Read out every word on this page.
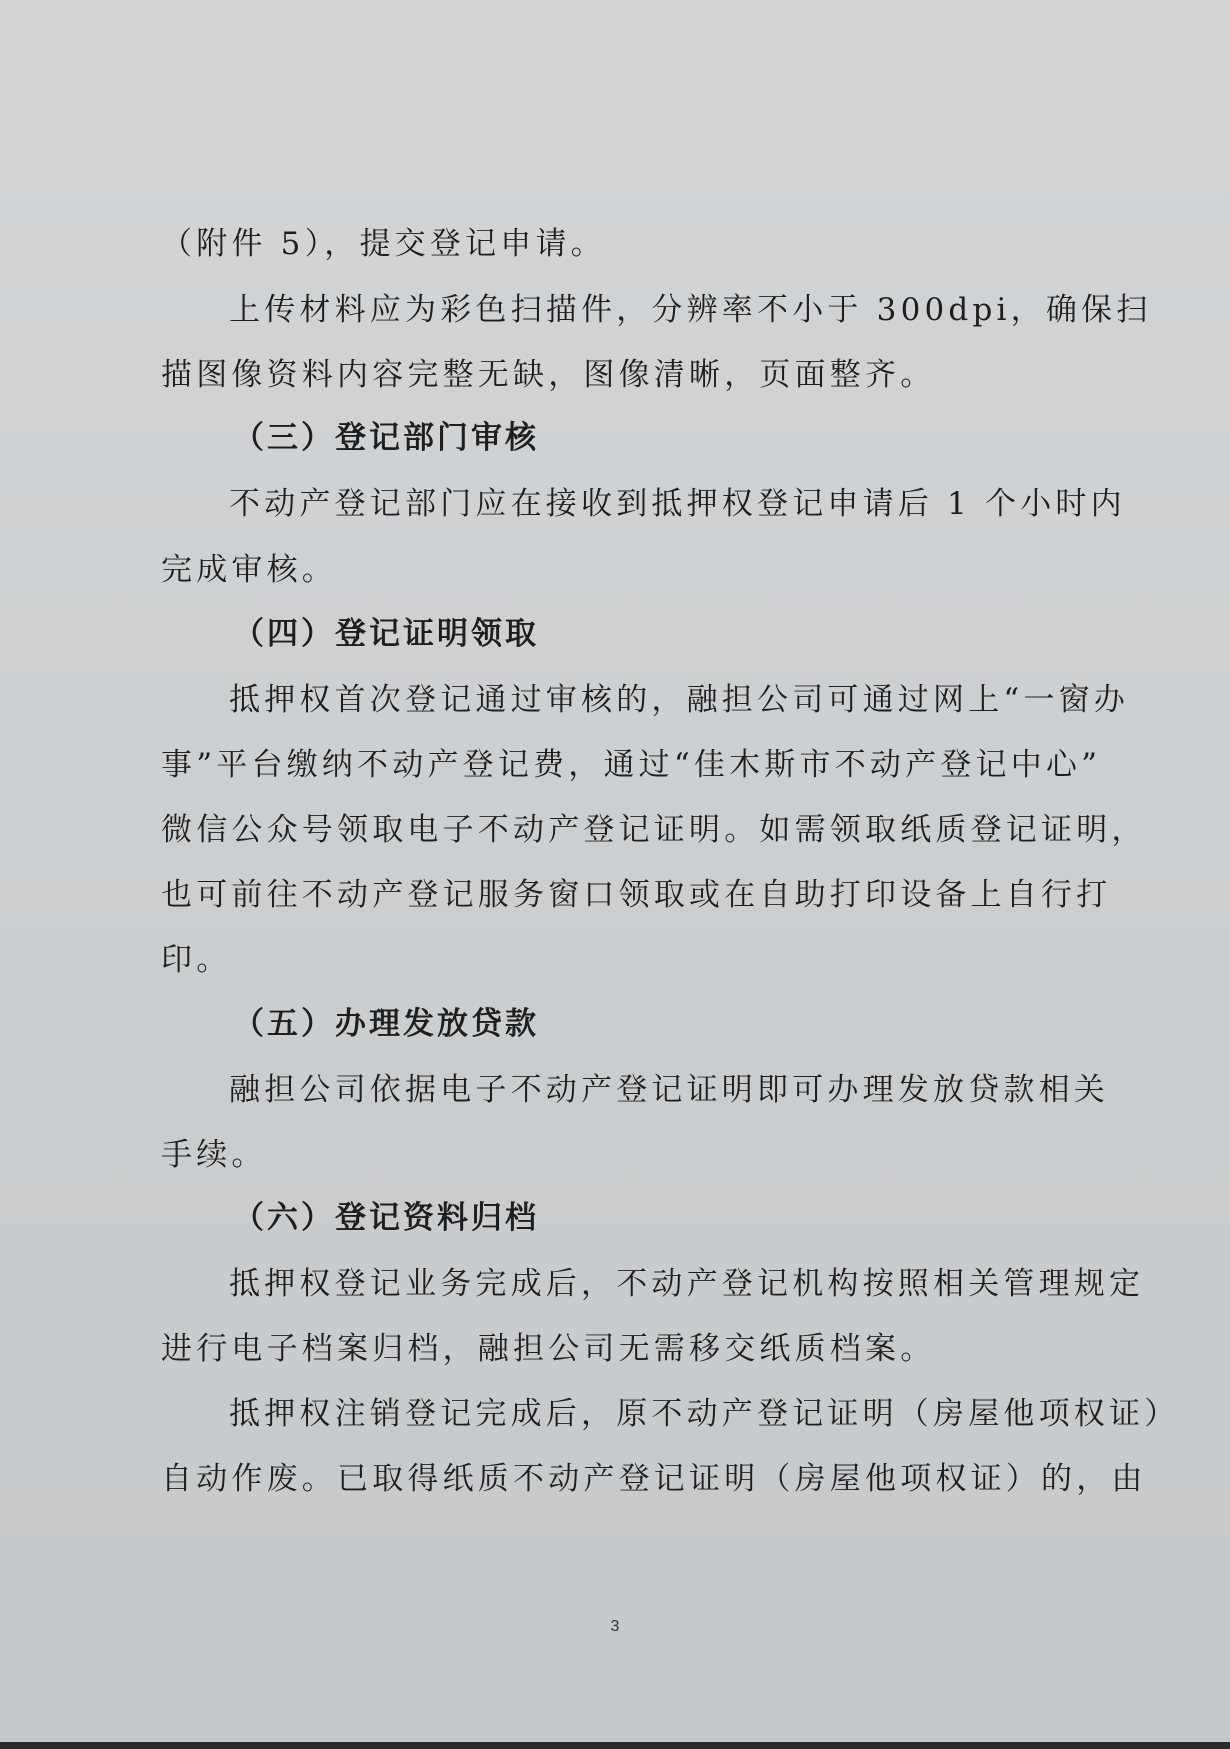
（附件 5），提交登记申请。
上传材料应为彩色扫描件，分辨率不小于 300dpi，确保扫
描图像资料内容完整无缺，图像清晰，页面整齐。
（三）登记部门审核
不动产登记部门应在接收到抵押权登记申请后 1 个小时内
完成审核。
（四）登记证明领取
抵押权首次登记通过审核的，融担公司可通过网上“一窗办
事”平台缴纳不动产登记费，通过“佳木斯市不动产登记中心”
微信公众号领取电子不动产登记证明。如需领取纸质登记证明，
也可前往不动产登记服务窗口领取或在自助打印设备上自行打
印。
（五）办理发放贷款
融担公司依据电子不动产登记证明即可办理发放贷款相关
手续。
（六）登记资料归档
抵押权登记业务完成后，不动产登记机构按照相关管理规定
进行电子档案归档，融担公司无需移交纸质档案。
抵押权注销登记完成后，原不动产登记证明（房屋他项权证）
自动作废。已取得纸质不动产登记证明（房屋他项权证）的，由
3
